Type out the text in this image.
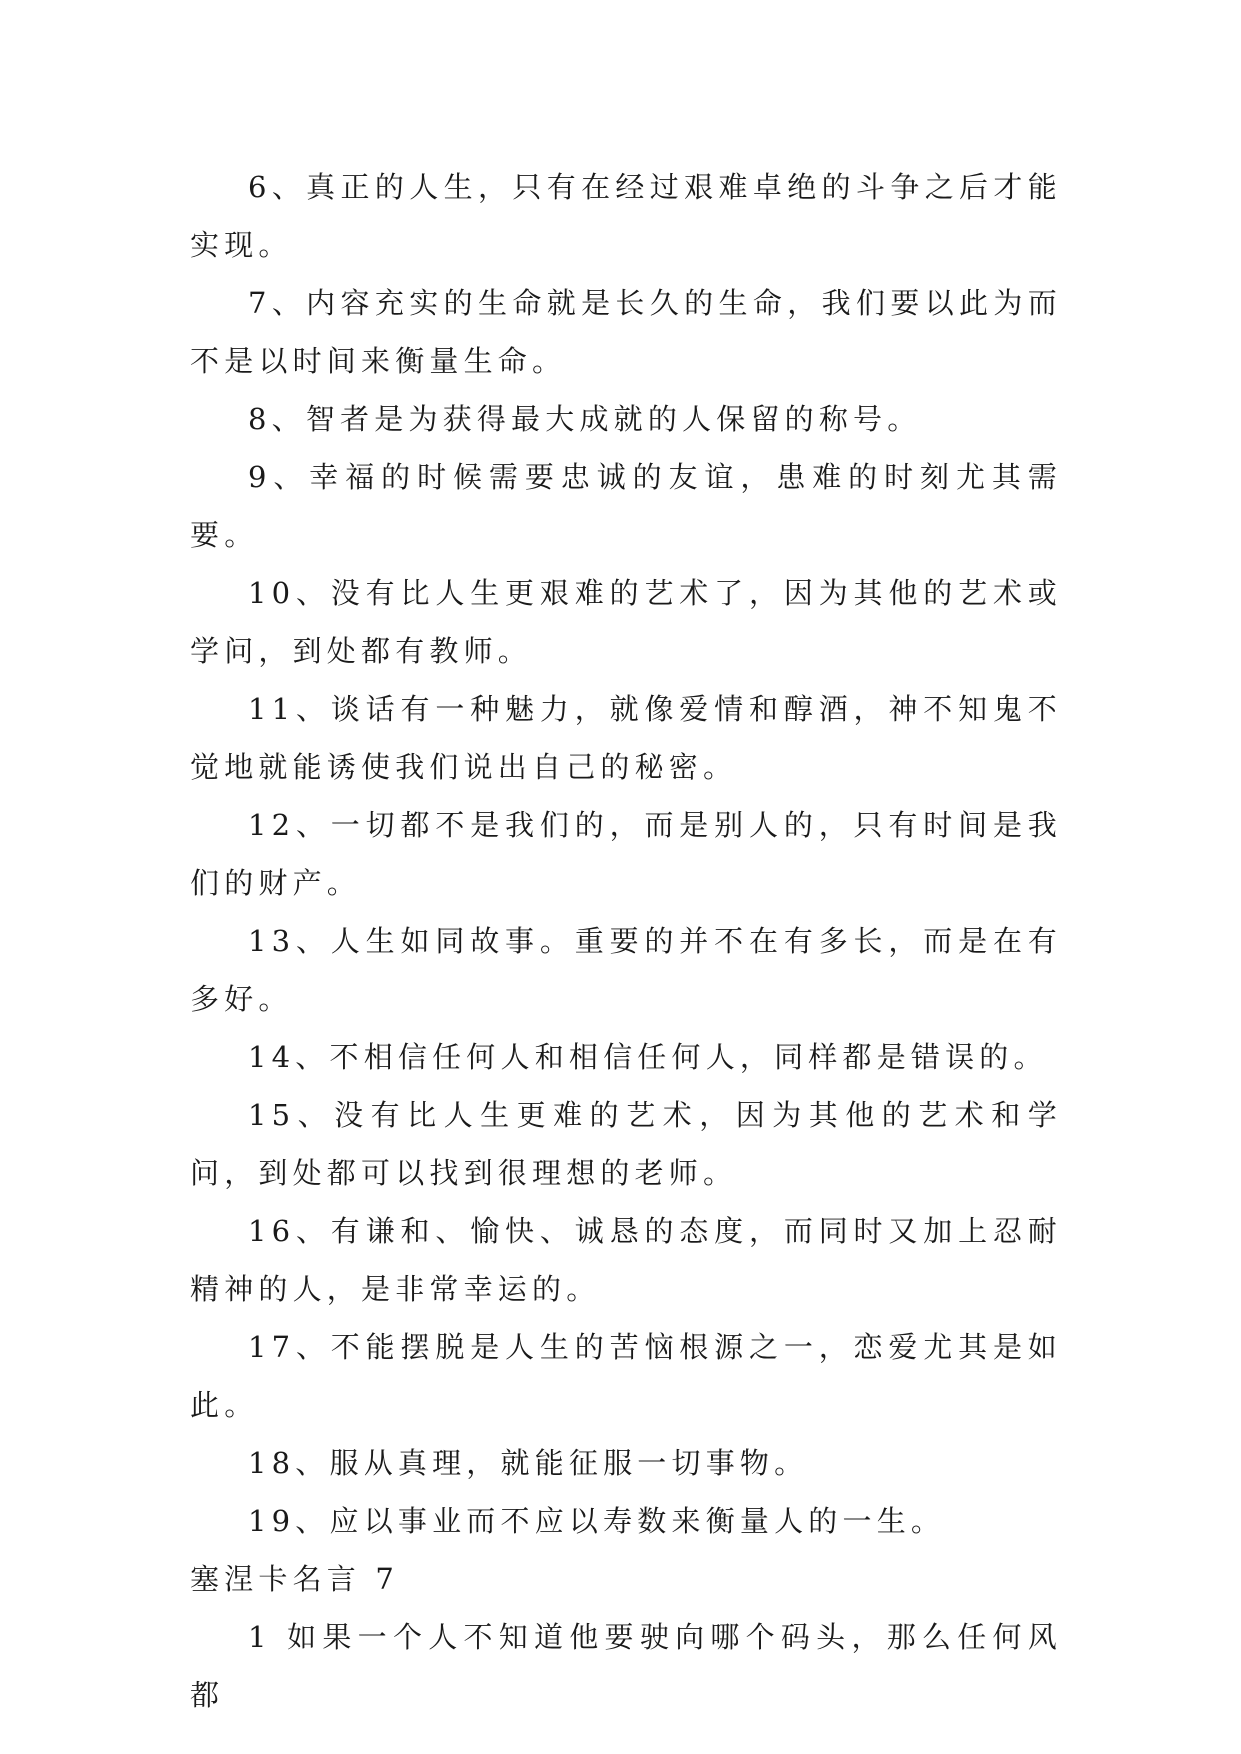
6、真正的人生，只有在经过艰难卓绝的斗争之后才能实现。

7、内容充实的生命就是长久的生命，我们要以此为而不是以时间来衡量生命。

8、智者是为获得最大成就的人保留的称号。

9、幸福的时候需要忠诚的友谊，患难的时刻尤其需要。

10、没有比人生更艰难的艺术了，因为其他的艺术或学问，到处都有教师。

11、谈话有一种魅力，就像爱情和醇酒，神不知鬼不觉地就能诱使我们说出自己的秘密。

12、一切都不是我们的，而是别人的，只有时间是我们的财产。

13、人生如同故事。重要的并不在有多长，而是在有多好。

14、不相信任何人和相信任何人，同样都是错误的。

15、没有比人生更难的艺术，因为其他的艺术和学问，到处都可以找到很理想的老师。

16、有谦和、愉快、诚恳的态度，而同时又加上忍耐精神的人，是非常幸运的。

17、不能摆脱是人生的苦恼根源之一，恋爱尤其是如此。

18、服从真理，就能征服一切事物。

19、应以事业而不应以寿数来衡量人的一生。

塞涅卡名言 7

1 如果一个人不知道他要驶向哪个码头，那么任何风都
